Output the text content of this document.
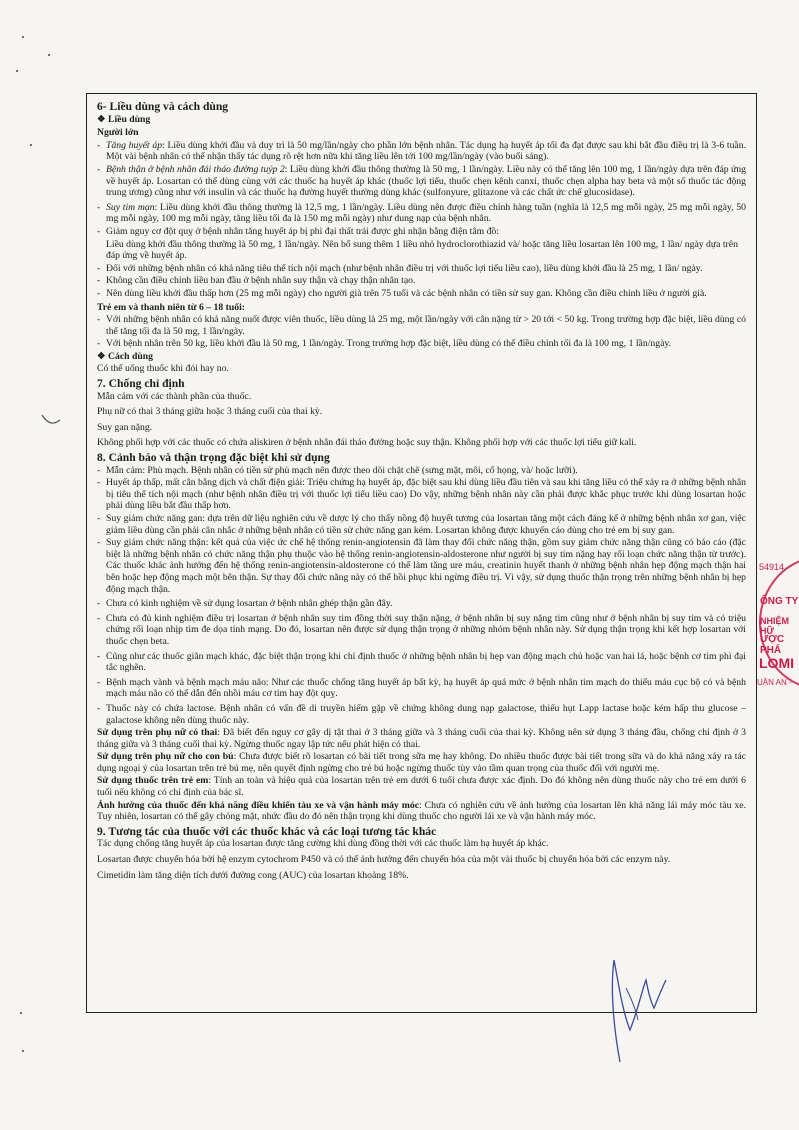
6- Liều dùng và cách dùng
❖ Liều dùng
Người lớn
- Tăng huyết áp: Liều dùng khởi đầu và duy trì là 50 mg/lần/ngày cho phần lớn bệnh nhân. Tác dụng hạ huyết áp tối đa đạt được sau khi bắt đầu điều trị là 3-6 tuần. Một vài bệnh nhân có thể nhận thấy tác dụng rõ rệt hơn nữa khi tăng liều lên tới 100 mg/lần/ngày (vào buổi sáng).
- Bệnh thận ở bệnh nhân đái tháo đường tuýp 2: Liều dùng khởi đầu thông thường là 50 mg, 1 lần/ngày. Liều này có thể tăng lên 100 mg, 1 lần/ngày dựa trên đáp ứng về huyết áp. Losartan có thể dùng cùng với các thuốc hạ huyết áp khác (thuốc lợi tiểu, thuốc chẹn kênh canxi, thuốc chẹn alpha hay beta và một số thuốc tác động trung ương) cũng như với insulin và các thuốc hạ đường huyết thường dùng khác (sulfonyure, glitazone và các chất ức chế glucosidase).
- Suy tim mạn: Liều dùng khởi đầu thông thường là 12,5 mg, 1 lần/ngày. Liều dùng nên được điều chỉnh hàng tuần (nghĩa là 12,5 mg mỗi ngày, 25 mg mỗi ngày, 50 mg mỗi ngày, 100 mg mỗi ngày, tăng liều tối đa là 150 mg mỗi ngày) như dung nạp của bệnh nhân.
- Giảm nguy cơ đột quỵ ở bệnh nhân tăng huyết áp bị phì đại thất trái được ghi nhận bằng điện tâm đồ:
Liều dùng khởi đầu thông thường là 50 mg, 1 lần/ngày. Nên bổ sung thêm 1 liều nhỏ hydroclorothiazid và/ hoặc tăng liều losartan lên 100 mg, 1 lần/ ngày dựa trên đáp ứng về huyết áp.
- Đối với những bệnh nhân có khả năng tiêu thể tích nội mạch (như bệnh nhân điều trị với thuốc lợi tiểu liều cao), liều dùng khởi đầu là 25 mg, 1 lần/ ngày.
- Không cần điều chỉnh liều ban đầu ở bệnh nhân suy thận và chạy thận nhân tạo.
- Nên dùng liều khởi đầu thấp hơn (25 mg mỗi ngày) cho người già trên 75 tuổi và các bệnh nhân có tiền sử suy gan. Không cần điều chỉnh liều ở người già.
Trẻ em và thanh niên từ 6 – 18 tuổi:
- Với những bệnh nhân có khả năng nuốt được viên thuốc, liều dùng là 25 mg, một lần/ngày với cân nặng từ > 20 tới < 50 kg. Trong trường hợp đặc biệt, liều dùng có thể tăng tối đa là 50 mg, 1 lần/ngày.
- Với bệnh nhân trên 50 kg, liều khởi đầu là 50 mg, 1 lần/ngày. Trong trường hợp đặc biệt, liều dùng có thể điều chỉnh tối đa là 100 mg, 1 lần/ngày.
❖ Cách dùng
Có thể uống thuốc khi đói hay no.
7. Chống chỉ định
Mẫn cảm với các thành phần của thuốc.
Phụ nữ có thai 3 tháng giữa hoặc 3 tháng cuối của thai kỳ.
Suy gan nặng.
Không phối hợp với các thuốc có chứa aliskiren ở bệnh nhân đái tháo đường hoặc suy thận. Không phối hợp với các thuốc lợi tiểu giữ kali.
8. Cảnh báo và thận trọng đặc biệt khi sử dụng
- Mẫn cảm: Phù mạch. Bệnh nhân có tiền sử phù mạch nên được theo dõi chặt chẽ (sưng mặt, môi, cổ họng, và/ hoặc lưỡi).
- Huyết áp thấp, mất cân bằng dịch và chất điện giải: Triệu chứng hạ huyết áp, đặc biệt sau khi dùng liều đầu tiên và sau khi tăng liều có thể xảy ra ở những bệnh nhân bị tiêu thể tích nội mạch (như bệnh nhân điều trị với thuốc lợi tiểu liều cao) Do vậy, những bệnh nhân này cần phải được khắc phục trước khi dùng losartan hoặc phải dùng liều bắt đầu thấp hơn.
- Suy giảm chức năng gan: dựa trên dữ liệu nghiên cứu về dược lý cho thấy nồng độ huyết tương của losartan tăng một cách đáng kể ở những bệnh nhân xơ gan, việc giảm liều dùng cần phải cân nhắc ở những bệnh nhân có tiền sử chức năng gan kém. Losartan không được khuyến cáo dùng cho trẻ em bị suy gan.
- Suy giảm chức năng thận: kết quả của việc ức chế hệ thống renin-angiotensin đã làm thay đổi chức năng thận, gồm suy giảm chức năng thận cũng có báo cáo (đặc biệt là những bệnh nhân có chức năng thận phụ thuộc vào hệ thống renin-angiotensin-aldosterone như người bị suy tim nặng hay rối loạn chức năng thận từ trước). Các thuốc khác ảnh hưởng đến hệ thống renin-angiotensin-aldosterone có thể làm tăng ure máu, creatinin huyết thanh ở những bệnh nhân hẹp động mạch thận hai bên hoặc hẹp động mạch một bên thận. Sự thay đổi chức năng này có thể hồi phục khi ngừng điều trị. Vì vậy, sử dụng thuốc thận trọng trên những bệnh nhân bị hẹp động mạch thận.
- Chưa có kinh nghiệm về sử dụng losartan ở bệnh nhân ghép thận gần đây.
- Chưa có đủ kinh nghiệm điều trị losartan ở bệnh nhân suy tim đồng thời suy thận nặng, ở bệnh nhân bị suy nặng tim cũng như ở bệnh nhân bị suy tim và có triệu chứng rối loạn nhịp tim đe dọa tính mạng. Do đó, losartan nên được sử dụng thận trọng ở những nhóm bệnh nhân này. Sử dụng thận trọng khi kết hợp losartan với thuốc chẹn beta.
- Cũng như các thuốc giãn mạch khác, đặc biệt thận trọng khi chỉ định thuốc ở những bệnh nhân bị hẹp van động mạch chủ hoặc van hai lá, hoặc bệnh cơ tim phì đại tắc nghẽn.
- Bệnh mạch vành và bệnh mạch máu não: Như các thuốc chống tăng huyết áp bất kỳ, hạ huyết áp quá mức ở bệnh nhân tim mạch do thiếu máu cục bộ có và bệnh mạch máu não có thể dẫn đến nhồi máu cơ tim hay đột quỵ.
- Thuốc này có chứa lactose. Bệnh nhân có vấn đề di truyền hiếm gặp về chứng không dung nạp galactose, thiếu hụt Lapp lactase hoặc kém hấp thu glucose – galactose không nên dùng thuốc này.
Sử dụng trên phụ nữ có thai: Đã biết đến nguy cơ gây dị tật thai ở 3 tháng giữa và 3 tháng cuối của thai kỳ. Không nên sử dụng 3 tháng đầu, chống chỉ định ở 3 tháng giữa và 3 tháng cuối thai kỳ. Ngừng thuốc ngay lập tức nếu phát hiện có thai.
Sử dụng trên phụ nữ cho con bú: Chưa được biết rõ losartan có bài tiết trong sữa mẹ hay không. Do nhiều thuốc được bài tiết trong sữa và do khả năng xảy ra tác dụng ngoại ý của losartan trên trẻ bú mẹ, nên quyết định ngừng cho trẻ bú hoặc ngừng thuốc tùy vào tầm quan trọng của thuốc đối với người mẹ.
Sử dụng thuốc trên trẻ em: Tính an toàn và hiệu quả của losartan trên trẻ em dưới 6 tuổi chưa được xác định. Do đó không nên dùng thuốc này cho trẻ em dưới 6 tuổi nếu không có chỉ định của bác sĩ.
Ảnh hưởng của thuốc đến khả năng điều khiển tàu xe và vận hành máy móc: Chưa có nghiên cứu về ảnh hưởng của losartan lên khả năng lái máy móc tàu xe. Tuy nhiên, losartan có thể gây chóng mặt, nhức đầu do đó nên thận trọng khi dùng thuốc cho người lái xe và vận hành máy móc.
9. Tương tác của thuốc với các thuốc khác và các loại tương tác khác
Tác dụng chống tăng huyết áp của losartan được tăng cường khi dùng đồng thời với các thuốc làm hạ huyết áp khác.
Losartan được chuyển hóa bởi hệ enzym cytochrom P450 và có thể ảnh hưởng đến chuyển hóa của một vài thuốc bị chuyển hóa bởi các enzym này.
Cimetidin làm tăng diện tích dưới đường cong (AUC) của losartan khoảng 18%.
54914
ÔNG TY
NHIỆM HỮ
ƯỢC PHẨ
LOMI
UẬN AN -
